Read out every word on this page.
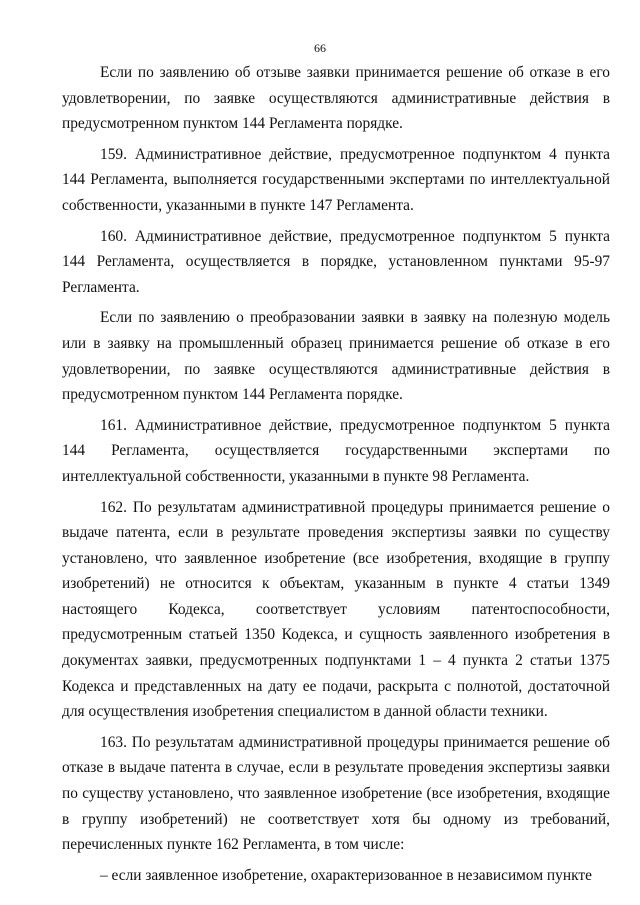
66

Если по заявлению об отзыве заявки принимается решение об отказе в его удовлетворении, по заявке осуществляются административные действия в предусмотренном пунктом 144 Регламента порядке.

159. Административное действие, предусмотренное подпунктом 4 пункта 144 Регламента, выполняется государственными экспертами по интеллектуальной собственности, указанными в пункте 147 Регламента.

160. Административное действие, предусмотренное подпунктом 5 пункта 144 Регламента, осуществляется в порядке, установленном пунктами 95-97 Регламента.

Если по заявлению о преобразовании заявки в заявку на полезную модель или в заявку на промышленный образец принимается решение об отказе в его удовлетворении, по заявке осуществляются административные действия в предусмотренном пунктом 144 Регламента порядке.

161. Административное действие, предусмотренное подпунктом 5 пункта 144 Регламента, осуществляется государственными экспертами по интеллектуальной собственности, указанными в пункте 98 Регламента.

162. По результатам административной процедуры принимается решение о выдаче патента, если в результате проведения экспертизы заявки по существу установлено, что заявленное изобретение (все изобретения, входящие в группу изобретений) не относится к объектам, указанным в пункте 4 статьи 1349 настоящего Кодекса, соответствует условиям патентоспособности, предусмотренным статьей 1350 Кодекса, и сущность заявленного изобретения в документах заявки, предусмотренных подпунктами 1 – 4 пункта 2 статьи 1375 Кодекса и представленных на дату ее подачи, раскрыта с полнотой, достаточной для осуществления изобретения специалистом в данной области техники.

163. По результатам административной процедуры принимается решение об отказе в выдаче патента в случае, если в результате проведения экспертизы заявки по существу установлено, что заявленное изобретение (все изобретения, входящие в группу изобретений) не соответствует хотя бы одному из требований, перечисленных пункте 162 Регламента, в том числе:

– если заявленное изобретение, охарактеризованное в независимом пункте
